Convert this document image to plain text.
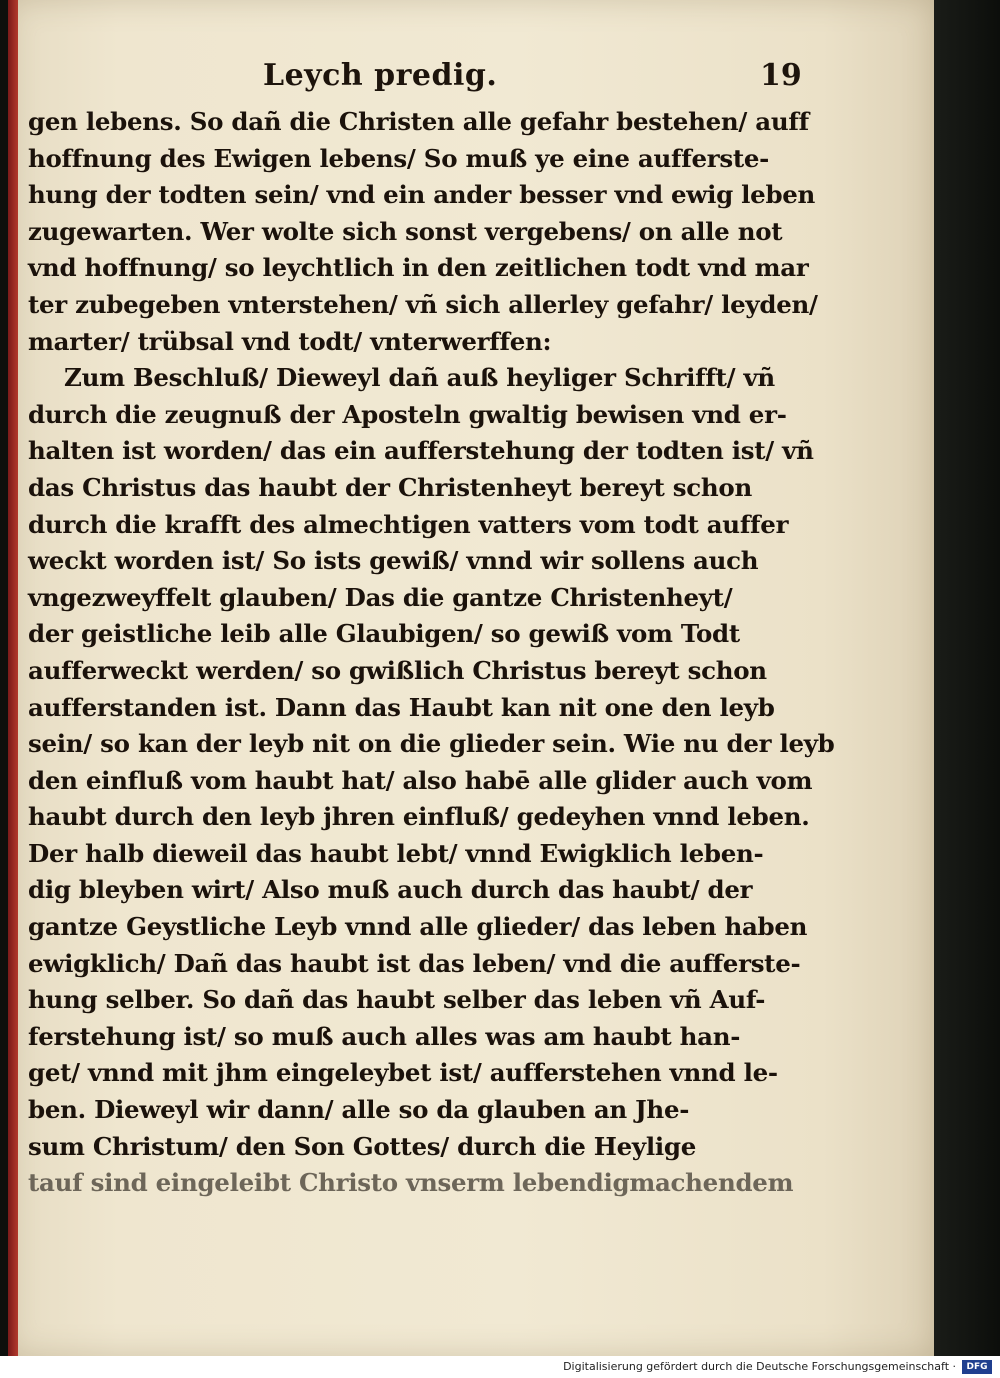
Leych predig.	19
gen lebens. So dañ die Christen alle gefahr bestehen/ auff
hoffnung des Ewigen lebens/ So muß ye eine aufferste-
hung der todten sein/ vnd ein ander besser vnd ewig leben
zugewarten. Wer wolte sich sonst vergebens/ on alle not
vnd hoffnung/ so leychtlich in den zeitlichen todt vnd mar
ter zubegeben vnterstehen/ vñ sich allerley gefahr/ leyden/
marter/ trübsal vnd todt/ vnterwerffen:
Zum Beschluß/ Dieweyl dañ auß heyliger Schrifft/ vñ
durch die zeugnuß der Aposteln gwaltig bewisen vnd er-
halten ist worden/ das ein aufferstehung der todten ist/ vñ
das Christus das haubt der Christenheyt bereyt schon
durch die krafft des almechtigen vatters vom todt auffer
weckt worden ist/ So ists gewiß/ vnnd wir sollens auch
vngezweyffelt glauben/ Das die gantze Christenheyt/
der geistliche leib alle Glaubigen/ so gewiß vom Todt
aufferweckt werden/ so gwißlich Christus bereyt schon
aufferstanden ist. Dann das Haubt kan nit one den leyb
sein/ so kan der leyb nit on die glieder sein. Wie nu der leyb
den einfluß vom haubt hat/ also habē alle glider auch vom
haubt durch den leyb jhren einfluß/ gedeyhen vnnd leben.
Der halb dieweil das haubt lebt/ vnnd Ewigklich leben-
dig bleyben wirt/ Also muß auch durch das haubt/ der
gantze Geystliche Leyb vnnd alle glieder/ das leben haben
ewigklich/ Dañ das haubt ist das leben/ vnd die aufferste-
hung selber. So dañ das haubt selber das leben vñ Auf-
ferstehung ist/ so muß auch alles was am haubt han-
get/ vnnd mit jhm eingeleybet ist/ aufferstehen vnnd le-
ben. Dieweyl wir dann/ alle so da glauben an Jhe-
sum Christum/ den Son Gottes/ durch die Heylige
tauf sind eingeleibt Christo vnserm lebendigmachendem
Digitalisierung gefördert durch die Deutsche Forschungsgemeinschaft ·	DFG
